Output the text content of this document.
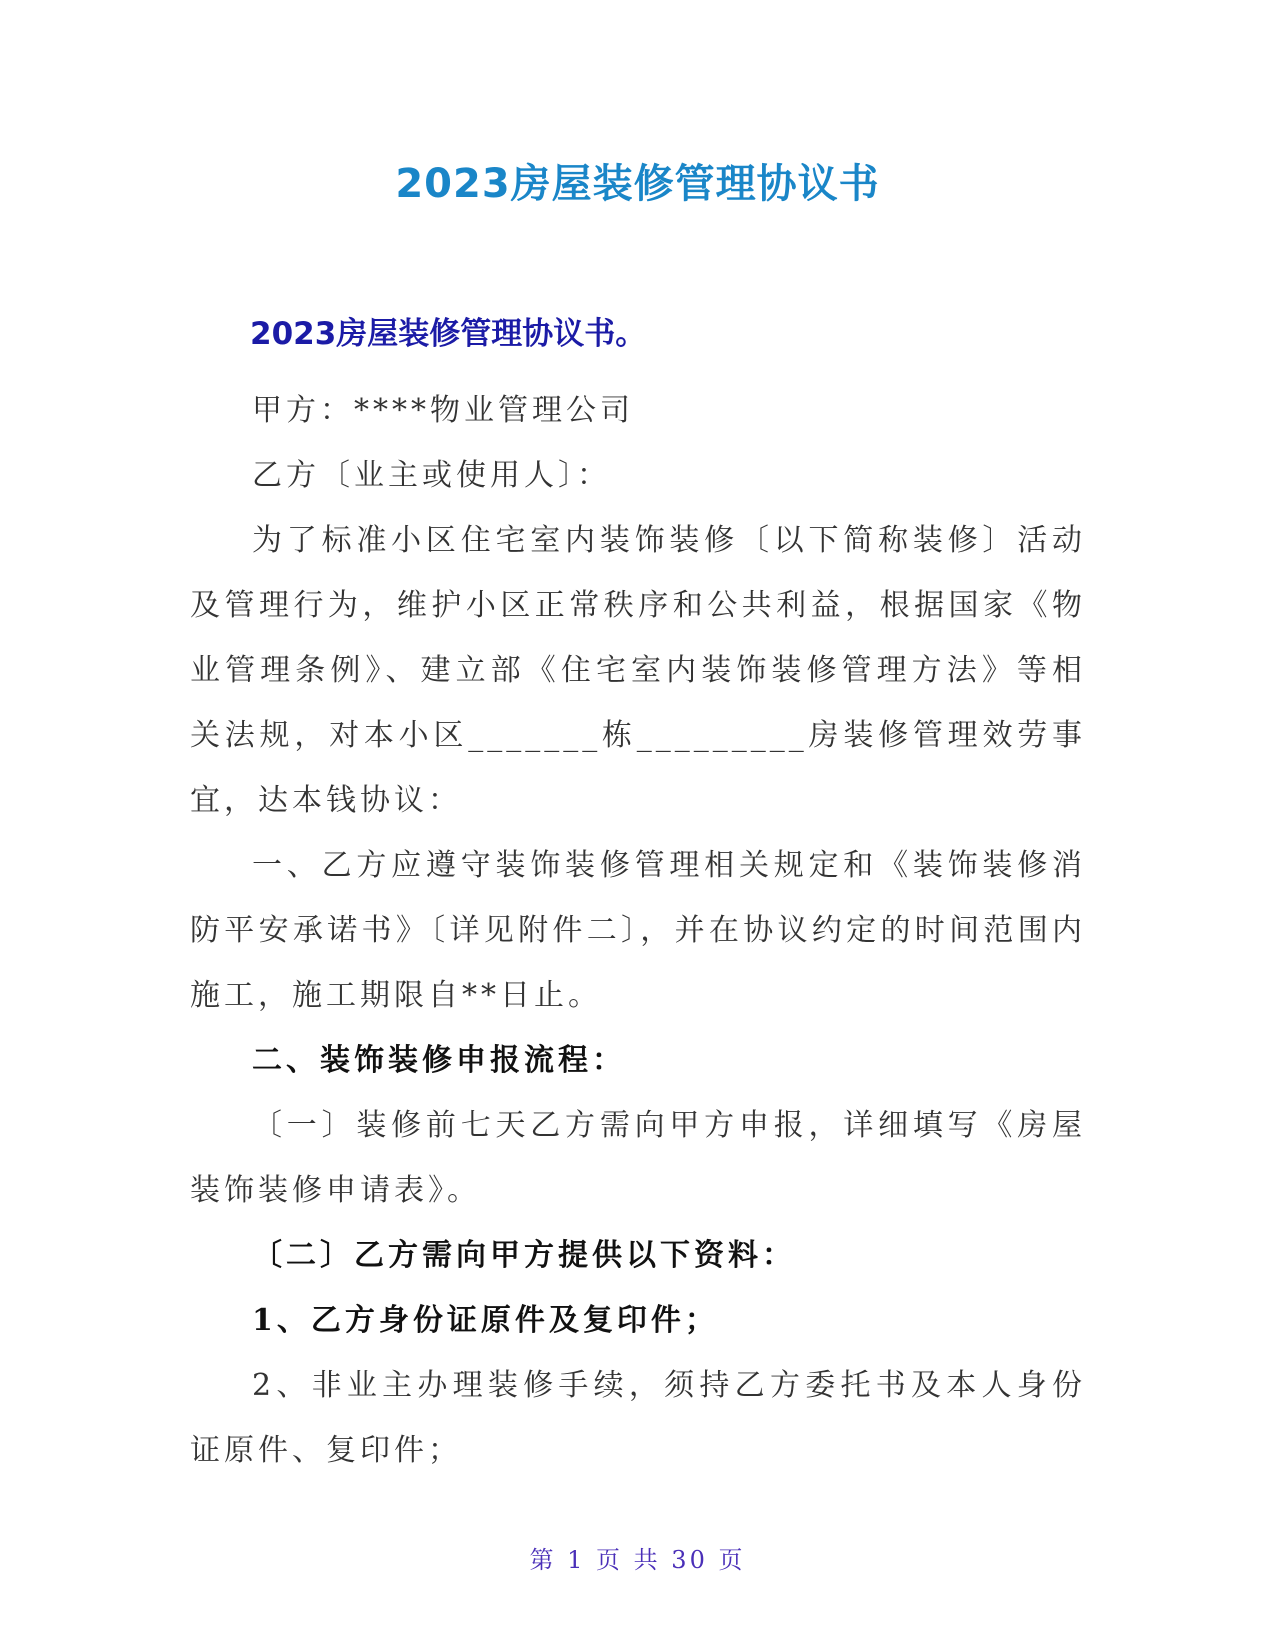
2023房屋装修管理协议书
2023房屋装修管理协议书。

甲方：****物业管理公司

乙方〔业主或使用人〕：

为了标准小区住宅室内装饰装修〔以下简称装修〕活动及管理行为，维护小区正常秩序和公共利益，根据国家《物业管理条例》、建立部《住宅室内装饰装修管理方法》等相关法规，对本小区_______栋_________房装修管理效劳事宜，达本钱协议：

一、乙方应遵守装饰装修管理相关规定和《装饰装修消防平安承诺书》〔详见附件二〕，并在协议约定的时间范围内施工，施工期限自**日止。

二、装饰装修申报流程：

〔一〕装修前七天乙方需向甲方申报，详细填写《房屋装饰装修申请表》。

〔二〕乙方需向甲方提供以下资料：

1、乙方身份证原件及复印件；

2、非业主办理装修手续，须持乙方委托书及本人身份证原件、复印件；

第 1 页 共 30 页
